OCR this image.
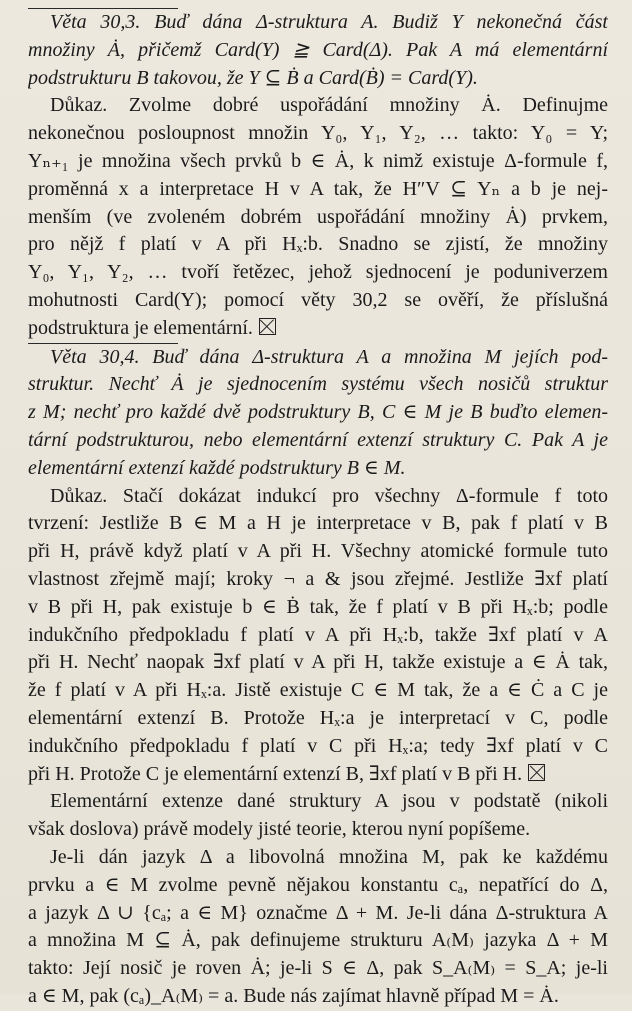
Věta 30,3. Buď dána Δ-struktura A. Budiž Y nekonečná část
množiny Ȧ, přičemž Card(Y) ≧ Card(Δ). Pak A má elementární
podstrukturu B takovou, že Y ⊆ Ḃ a Card(Ḃ) = Card(Y).
Důkaz. Zvolme dobré uspořádání množiny Ȧ. Definujme
nekonečnou posloupnost množin Y₀, Y₁, Y₂, … takto: Y₀ = Y;
Yₙ₊₁ je množina všech prvků b ∈ Ȧ, k nimž existuje Δ-formule f,
proměnná x a interpretace H v A tak, že H″V ⊆ Yₙ a b je nej-
menším (ve zvoleném dobrém uspořádání množiny Ȧ) prvkem,
pro nějž f platí v A při Hₓ:b. Snadno se zjistí, že množiny
Y₀, Y₁, Y₂, … tvoří řetězec, jehož sjednocení je poduniverzem
mohutnosti Card(Y); pomocí věty 30,2 se ověří, že příslušná
podstruktura je elementární.
Věta 30,4. Buď dána Δ-struktura A a množina M jejích pod-
struktur. Nechť Ȧ je sjednocením systému všech nosičů struktur
z M; nechť pro každé dvě podstruktury B, C ∈ M je B buďto elemen-
tární podstrukturou, nebo elementární extenzí struktury C. Pak A je
elementární extenzí každé podstruktury B ∈ M.
Důkaz. Stačí dokázat indukcí pro všechny Δ-formule f toto
tvrzení: Jestliže B ∈ M a H je interpretace v B, pak f platí v B
při H, právě když platí v A při H. Všechny atomické formule tuto
vlastnost zřejmě mají; kroky ¬ a & jsou zřejmé. Jestliže ∃xf platí
v B při H, pak existuje b ∈ Ḃ tak, že f platí v B při Hₓ:b; podle
indukčního předpokladu f platí v A při Hₓ:b, takže ∃xf platí v A
při H. Nechť naopak ∃xf platí v A při H, takže existuje a ∈ Ȧ tak,
že f platí v A při Hₓ:a. Jistě existuje C ∈ M tak, že a ∈ Ċ a C je
elementární extenzí B. Protože Hₓ:a je interpretací v C, podle
indukčního předpokladu f platí v C při Hₓ:a; tedy ∃xf platí v C
při H. Protože C je elementární extenzí B, ∃xf platí v B při H.
Elementární extenze dané struktury A jsou v podstatě (nikoli
však doslova) právě modely jisté teorie, kterou nyní popíšeme.
Je-li dán jazyk Δ a libovolná množina M, pak ke každému
prvku a ∈ M zvolme pevně nějakou konstantu cₐ, nepatřící do Δ,
a jazyk Δ ∪ {cₐ; a ∈ M} označme Δ + M. Je-li dána Δ-struktura A
a množina M ⊆ Ȧ, pak definujeme strukturu A₍M₎ jazyka Δ + M
takto: Její nosič je roven Ȧ; je-li S ∈ Δ, pak S_A₍M₎ = S_A; je-li
a ∈ M, pak (cₐ)_A₍M₎ = a. Bude nás zajímat hlavně případ M = Ȧ.
